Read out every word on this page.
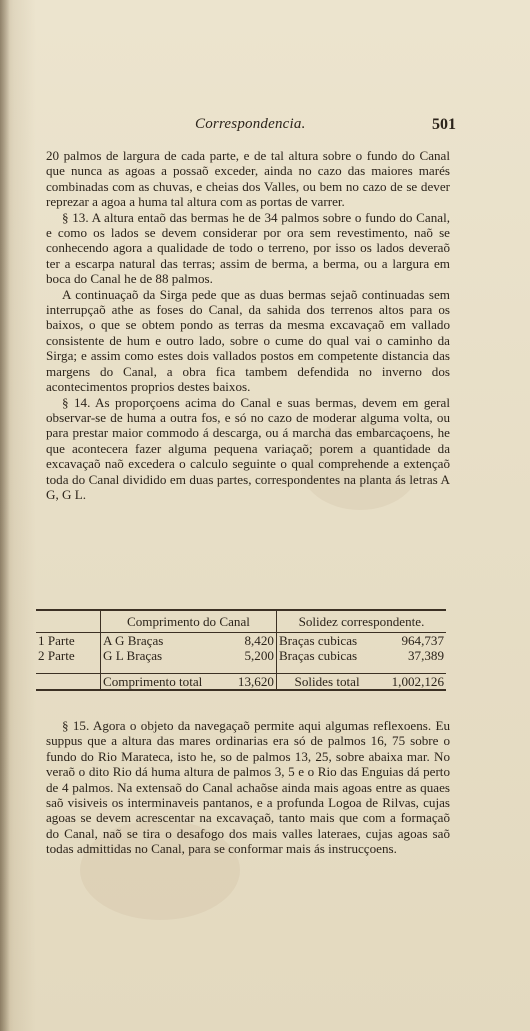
Correspondencia.	501

20 palmos de largura de cada parte, e de tal altura sobre o fundo do Canal que nunca as agoas a possaõ exceder, ainda no cazo das maiores marés combinadas com as chuvas, e cheias dos Valles, ou bem no cazo de se dever reprezar a agoa a huma tal altura com as portas de varrer.

§ 13. A altura entaõ das bermas he de 34 palmos sobre o fundo do Canal, e como os lados se devem considerar por ora sem revestimento, naõ se conhecendo agora a qualidade de todo o terreno, por isso os lados deveraõ ter a escarpa natural das terras; assim de berma, a berma, ou a largura em boca do Canal he de 88 palmos.

A continuaçaõ da Sirga pede que as duas bermas sejaõ continuadas sem interrupçaõ athe as foses do Canal, da sahida dos terrenos altos para os baixos, o que se obtem pondo as terras da mesma excavaçaõ em vallado consistente de hum e outro lado, sobre o cume do qual vai o caminho da Sirga; e assim como estes dois vallados postos em competente distancia das margens do Canal, a obra fica tambem defendida no inverno dos acontecimentos proprios destes baixos.

§ 14. As proporçoens acima do Canal e suas bermas, devem em geral observar-se de huma a outra fos, e só no cazo de moderar alguma volta, ou para prestar maior commodo á descarga, ou á marcha das embarcaçoens, he que acontecera fazer alguma pequena variaçaõ; porem a quantidade da excavaçaõ naõ excedera o calculo seguinte o qual comprehende a extençaõ toda do Canal dividido em duas partes, correspondentes na planta ás letras A G, G L.

	Comprimento do Canal		Solidez correspondente.	
1 Parte	A G Braças	8,420	Braças cubicas	964,737
2 Parte	G L Braças	5,200	Braças cubicas	37,389

	Comprimento total	13,620	Solides total	1,002,126

§ 15. Agora o objeto da navegaçaõ permite aqui algumas reflexoens. Eu suppus que a altura das mares ordinarias era só de palmos 16, 75 sobre o fundo do Rio Marateca, isto he, so de palmos 13, 25, sobre abaixa mar. No veraõ o dito Rio dá huma altura de palmos 3, 5 e o Rio das Enguias dá perto de 4 palmos. Na extensaõ do Canal achaõse ainda mais agoas entre as quaes saõ visiveis os interminaveis pantanos, e a profunda Logoa de Rilvas, cujas agoas se devem acrescentar na excavaçaõ, tanto mais que com a formaçaõ do Canal, naõ se tira o desafogo dos mais valles lateraes, cujas agoas saõ todas admittidas no Canal, para se conformar mais ás instrucçoens.
